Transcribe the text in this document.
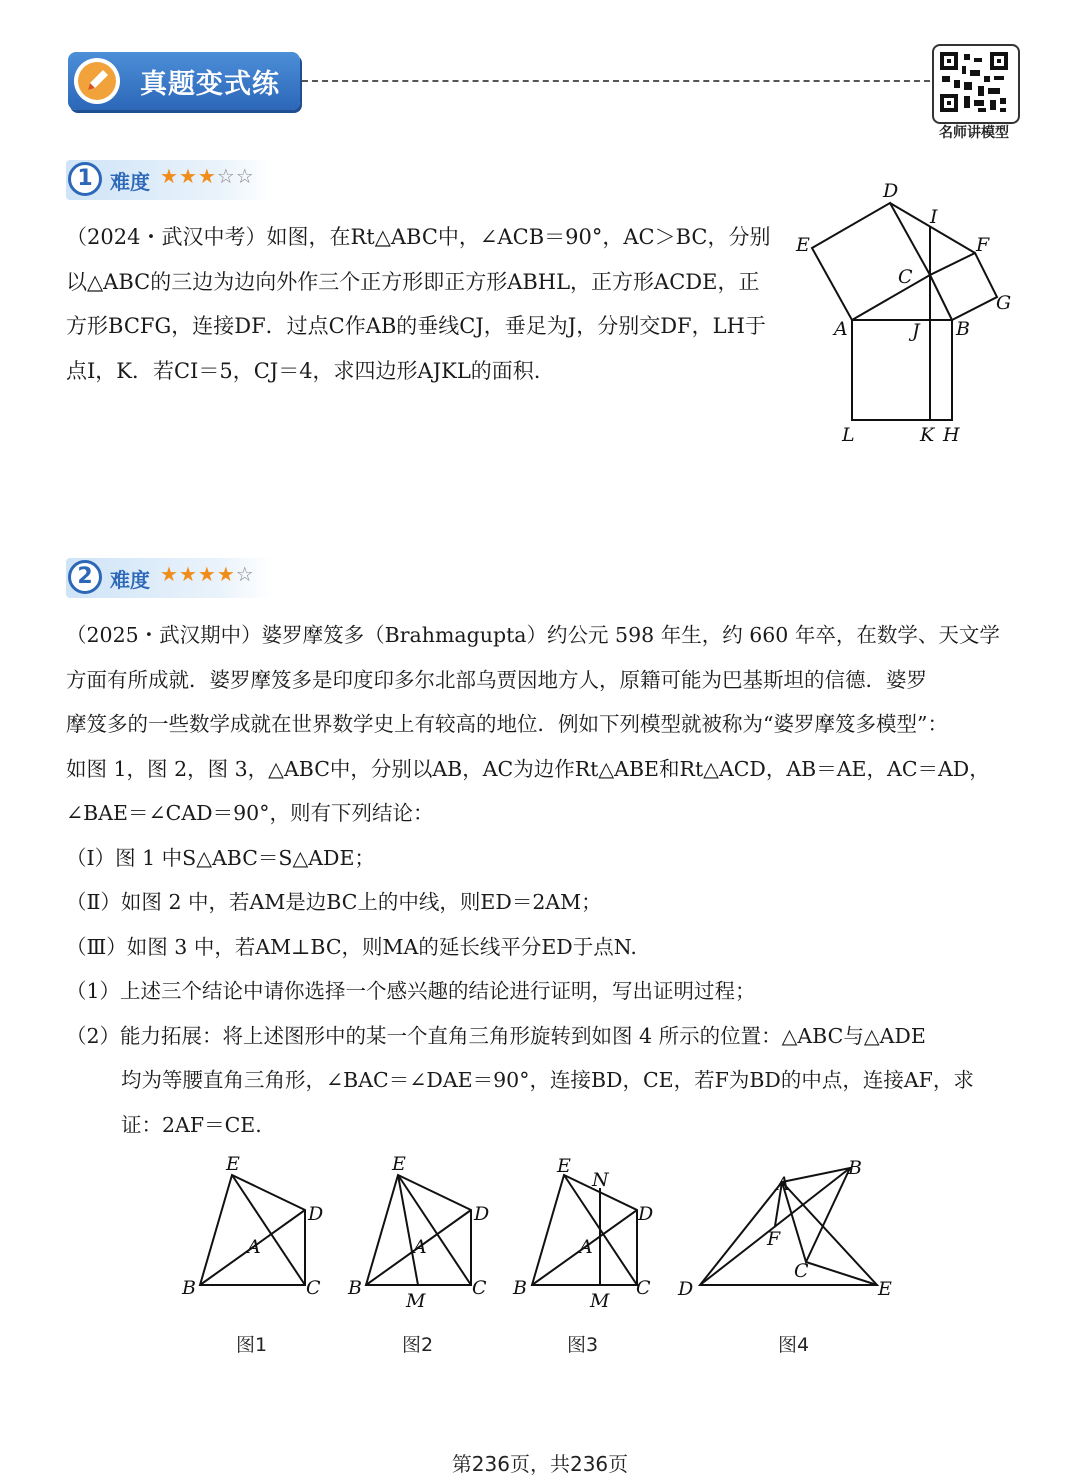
真题变式练
名师讲模型
1 难度 ★★★☆☆
（2024・武汉中考）如图，在Rt△ABC中，∠ACB＝90°，AC＞BC，分别
以△ABC的三边为边向外作三个正方形即正方形ABHL，正方形ACDE，正
方形BCFG，连接DF．过点C作AB的垂线CJ，垂足为J，分别交DF，LH于
点I，K．若CI＝5，CJ＝4，求四边形AJKL的面积.
D
I
E	F
C
G
A	J B
L	K H
2 难度 ★★★★☆
（2025・武汉期中）婆罗摩笈多（Brahmagupta）约公元 598 年生，约 660 年卒，在数学、天文学
方面有所成就．婆罗摩笈多是印度印多尔北部乌贾因地方人，原籍可能为巴基斯坦的信德．婆罗
摩笈多的一些数学成就在世界数学史上有较高的地位．例如下列模型就被称为“婆罗摩笈多模型”：
如图 1，图 2，图 3，△ABC中，分别以AB，AC为边作Rt△ABE和Rt△ACD，AB＝AE，AC＝AD，
∠BAE＝∠CAD＝90°，则有下列结论：
（Ⅰ）图 1 中S△ABC＝S△ADE；
（Ⅱ）如图 2 中，若AM是边BC上的中线，则ED＝2AM；
（Ⅲ）如图 3 中，若AM⊥BC，则MA的延长线平分ED于点N.
（1）上述三个结论中请你选择一个感兴趣的结论进行证明，写出证明过程；
（2）能力拓展：将上述图形中的某一个直角三角形旋转到如图 4 所示的位置：△ABC与△ADE
均为等腰直角三角形，∠BAC＝∠DAE＝90°，连接BD，CE，若F为BD的中点，连接AF，求
证：2AF＝CE.
E
D
A
B	C
E
D
A
B	C
M
E
N
D
A
B	C
M
A
B
F
C
D	E
图1	图2	图3	图4
第236页，共236页
